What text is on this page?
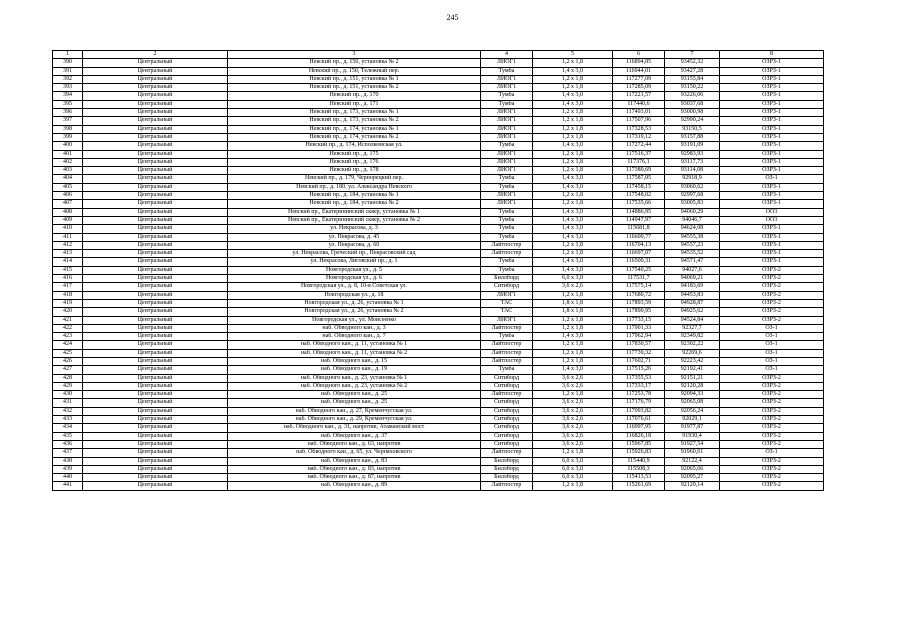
245
1	2	3	4	5	6	7	8
390	Центральный	Невский пр., д. 150, установка № 2	ЛИОГ1	1,2 x 1,8	116894,85	93452,32	ОЗРЗ-1
391	Центральный	Невский пр., д. 150, Тележный пер.	Тумба	1,4 x 3,0	116944,01	93427,28	ОЗРЗ-1
392	Центральный	Невский пр., д. 151, установка № 1	ЛИОГ1	1,2 x 1,8	117277,09	93155,84	ОЗРЗ-1
393	Центральный	Невский пр., д. 151, установка № 2	ЛИОГ1	1,2 x 1,8	117285,09	93150,22	ОЗРЗ-1
394	Центральный	Невский пр., д. 170	Тумба	1,4 x 3,0	117221,57	93226,06	ОЗРЗ-1
395	Центральный	Невский пр., д. 171	Тумба	1,4 x 3,0	117440,6	93037,68	ОЗРЗ-1
396	Центральный	Невский пр., д. 173, установка № 1	ЛИОГ1	1,2 x 1,8	117493,01	93000,98	ОЗРЗ-1
397	Центральный	Невский пр., д. 173, установка № 2	ЛИОГ1	1,2 x 1,8	117507,96	92990,24	ОЗРЗ-1
398	Центральный	Невский пр., д. 174, установка № 1	ЛИОГ1	1,2 x 1,8	117328,53	93150,5	ОЗРЗ-1
399	Центральный	Невский пр., д. 174, установка № 2	ЛИОГ1	1,2 x 1,8	117319,12	93157,88	ОЗРЗ-1
400	Центральный	Невский пр., д. 174, Исполкомская ул.	Тумба	1,4 x 3,0	117272,44	93191,09	ОЗРЗ-1
401	Центральный	Невский пр., д. 175	ЛИОГ1	1,2 x 1,8	117516,37	92983,93	ОЗРЗ-1
402	Центральный	Невский пр., д. 176	ЛИОГ1	1,2 x 1,8	117376,1	93117,73	ОЗРЗ-1
403	Центральный	Невский пр., д. 178	ЛИОГ1	1,2 x 1,8	117380,69	93114,08	ОЗРЗ-1
404	Центральный	Невский пр., д. 179, Чернорецкий пер.	Тумба	1,4 x 3,0	117587,05	92918,9	ОЗ-1
405	Центральный	Невский пр., д. 180, ул. Александра Невского	Тумба	1,4 x 3,0	117458,15	93060,62	ОЗРЗ-1
406	Центральный	Невский пр., д. 184, установка № 1	ЛИОГ1	1,2 x 1,8	117548,02	92997,68	ОЗРЗ-1
407	Центральный	Невский пр., д. 184, установка № 2	ЛИОГ1	1,2 x 1,8	117535,66	93005,83	ОЗРЗ-1
408	Центральный	Невский пр., Екатерининский сквер, установка № 1	Тумба	1,4 x 3,0	114886,95	94060,29	ОО3
409	Центральный	Невский пр., Екатерининский сквер, установка № 2	Тумба	1,4 x 3,0	114947,97	94046,7	ОО3
410	Центральный	ул. Некрасова, д. 3	Тумба	1,4 x 3,0	115681,8	94624,08	ОЗРЗ-1
411	Центральный	ул. Некрасова, д. 45	Тумба	1,4 x 3,0	116600,77	94555,38	ОЗРЗ-1
412	Центральный	ул. Некрасова, д. 60	Лайтпостер	1,2 x 1,8	116704,13	94557,23	ОЗРЗ-1
413	Центральный	ул. Некрасова, Греческий пр., Некрасовский сад	Лайтпостер	1,2 x 1,8	116697,07	94535,52	ОЗРЗ-1
414	Центральный	ул. Некрасова, Лиговский пр., д. 1	Тумба	1,4 x 3,0	116500,31	94571,47	ОЗРЗ-1
415	Центральный	Новгородская ул., д. 5	Тумба	1,4 x 3,0	117540,25	94027,6	ОЗРЗ-2
416	Центральный	Новгородская ул., д. 6	Биллборд	6,0 x 3,0	117531,7	94069,21	ОЗРЗ-2
417	Центральный	Новгородская ул., д. 8, 10-я Советская ул.	Ситиборд	3,6 x 2,6	117575,14	94183,69	ОЗРЗ-2
418	Центральный	Новгородская ул., д. 18	ЛИОГ1	1,2 x 1,8	117680,72	94453,83	ОЗРЗ-2
419	Центральный	Новгородская ул., д. 26, установка № 1	ТАС	1,8 x 1,8	117893,59	94928,87	ОЗРЗ-2
420	Центральный	Новгородская ул., д. 26, установка № 2	ТАС	1,8 x 1,8	117890,95	94925,62	ОЗРЗ-2
421	Центральный	Новгородская ул., ул. Моисеенко	ЛИОГ1	1,2 x 1,8	117733,15	94524,84	ОЗРЗ-2
422	Центральный	наб. Обводного кан., д. 3	Лайтпостер	1,2 x 1,8	117901,33	92327,7	ОЗ-1
423	Центральный	наб. Обводного кан., д. 7	Тумба	1,4 x 3,0	117962,94	92349,82	ОЗ-1
424	Центральный	наб. Обводного кан., д. 11, установка № 1	Лайтпостер	1,2 x 1,8	117830,57	92302,22	ОЗ-1
425	Центральный	наб. Обводного кан., д. 11, установка № 2	Лайтпостер	1,2 x 1,8	117739,32	92269,6	ОЗ-1
426	Центральный	наб. Обводного кан., д. 15	Лайтпостер	1,2 x 1,8	117602,71	92223,42	ОЗ-1
427	Центральный	наб. Обводного кан., д. 19	Тумба	1,4 x 3,0	117515,26	92192,41	ОЗ-1
428	Центральный	наб. Обводного кан., д. 23, установка № 1	Ситиборд	3,6 x 2,6	117355,53	92151,21	ОЗРЗ-2
429	Центральный	наб. Обводного кан., д. 23, установка № 2	Ситиборд	3,6 x 2,6	117333,17	92120,28	ОЗРЗ-2
430	Центральный	наб. Обводного кан., д. 25	Лайтпостер	1,2 x 1,8	117253,78	92094,33	ОЗРЗ-2
431	Центральный	наб. Обводного кан., д. 25	Ситиборд	3,6 x 2,6	117176,79	92065,08	ОЗРЗ-2
432	Центральный	наб. Обводного кан., д. 27, Кременчугская ул.	Ситиборд	3,6 x 2,6	117093,82	92056,24	ОЗРЗ-2
433	Центральный	наб. Обводного кан., д. 29, Кременчугская ул.	Ситиборд	3,6 x 2,6	117076,61	92029,1	ОЗРЗ-2
434	Центральный	наб. Обводного кан., д. 31, напротив, Атаманский мост	Ситиборд	3,6 x 2,6	116997,95	91977,87	ОЗРЗ-2
435	Центральный	наб. Обводного кан., д. 37	Ситиборд	3,6 x 2,6	116826,18	91930,4	ОЗРЗ-2
436	Центральный	наб. Обводного кан., д. 63, напротив	Ситиборд	3,6 x 2,6	115967,85	91927,54	ОЗРЗ-2
437	Центральный	наб. Обводного кан., д. 65, ул. Черняховского	Лайтпостер	1,2 x 1,8	115926,83	91960,61	ОЗ-1
438	Центральный	наб. Обводного кан., д. 83	Биллборд	6,0 x 3,0	115440,9	92122,4	ОЗРЗ-2
439	Центральный	наб. Обводного кан., д. 83, напротив	Биллборд	6,0 x 3,0	115508,3	92065,66	ОЗРЗ-2
440	Центральный	наб. Обводного кан., д. 87, напротив	Биллборд	6,0 x 3,0	115413,53	92095,27	ОЗРЗ-2
441	Центральный	наб. Обводного кан., д. 89	Лайтпостер	1,2 x 1,8	115261,69	92129,14	ОЗРЗ-2
